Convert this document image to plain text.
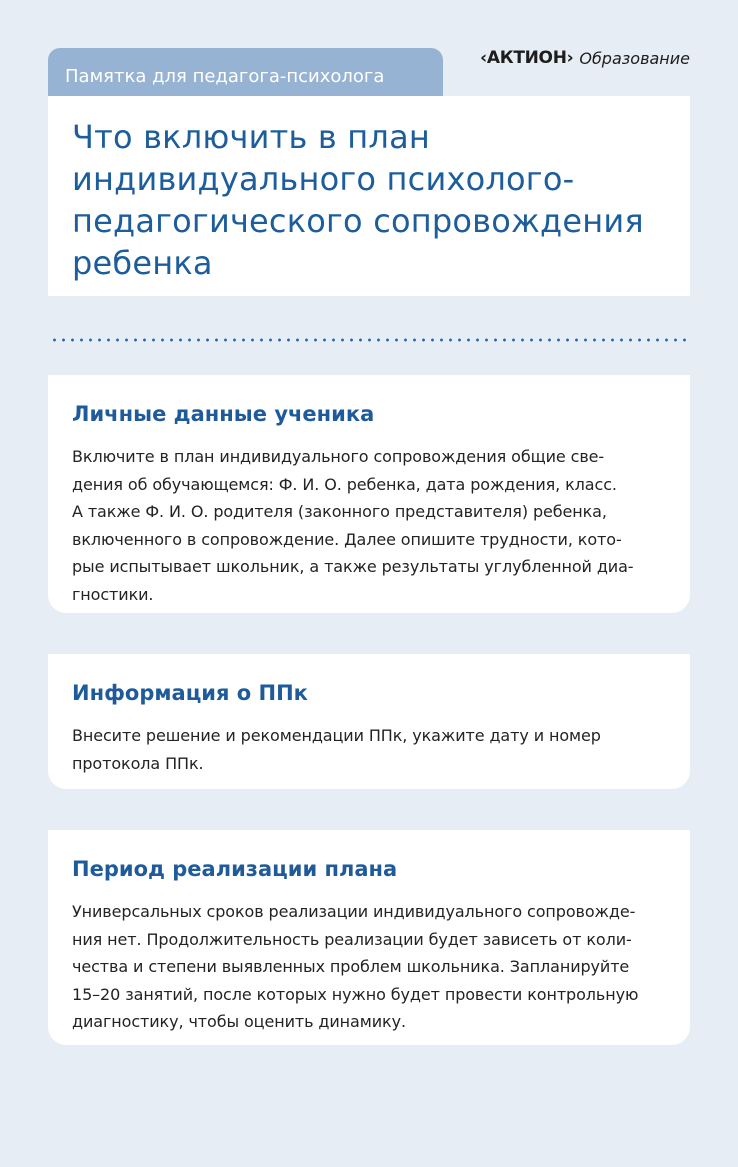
Памятка для педагога-психолога
‹АКТИОН› Образование
Что включить в план индивидуального психолого- педагогического сопровождения ребенка
Личные данные ученика

Включите в план индивидуального сопровождения общие све-
дения об обучающемся: Ф. И. О. ребенка, дата рождения, класс.
А также Ф. И. О. родителя (законного представителя) ребенка,
включенного в сопровождение. Далее опишите трудности, кото-
рые испытывает школьник, а также результаты углубленной диа-
гностики.

Информация о ППк

Внесите решение и рекомендации ППк, укажите дату и номер
протокола ППк.

Период реализации плана

Универсальных сроков реализации индивидуального сопровожде-
ния нет. Продолжительность реализации будет зависеть от коли-
чества и степени выявленных проблем школьника. Запланируйте
15–20 занятий, после которых нужно будет провести контрольную
диагностику, чтобы оценить динамику.
